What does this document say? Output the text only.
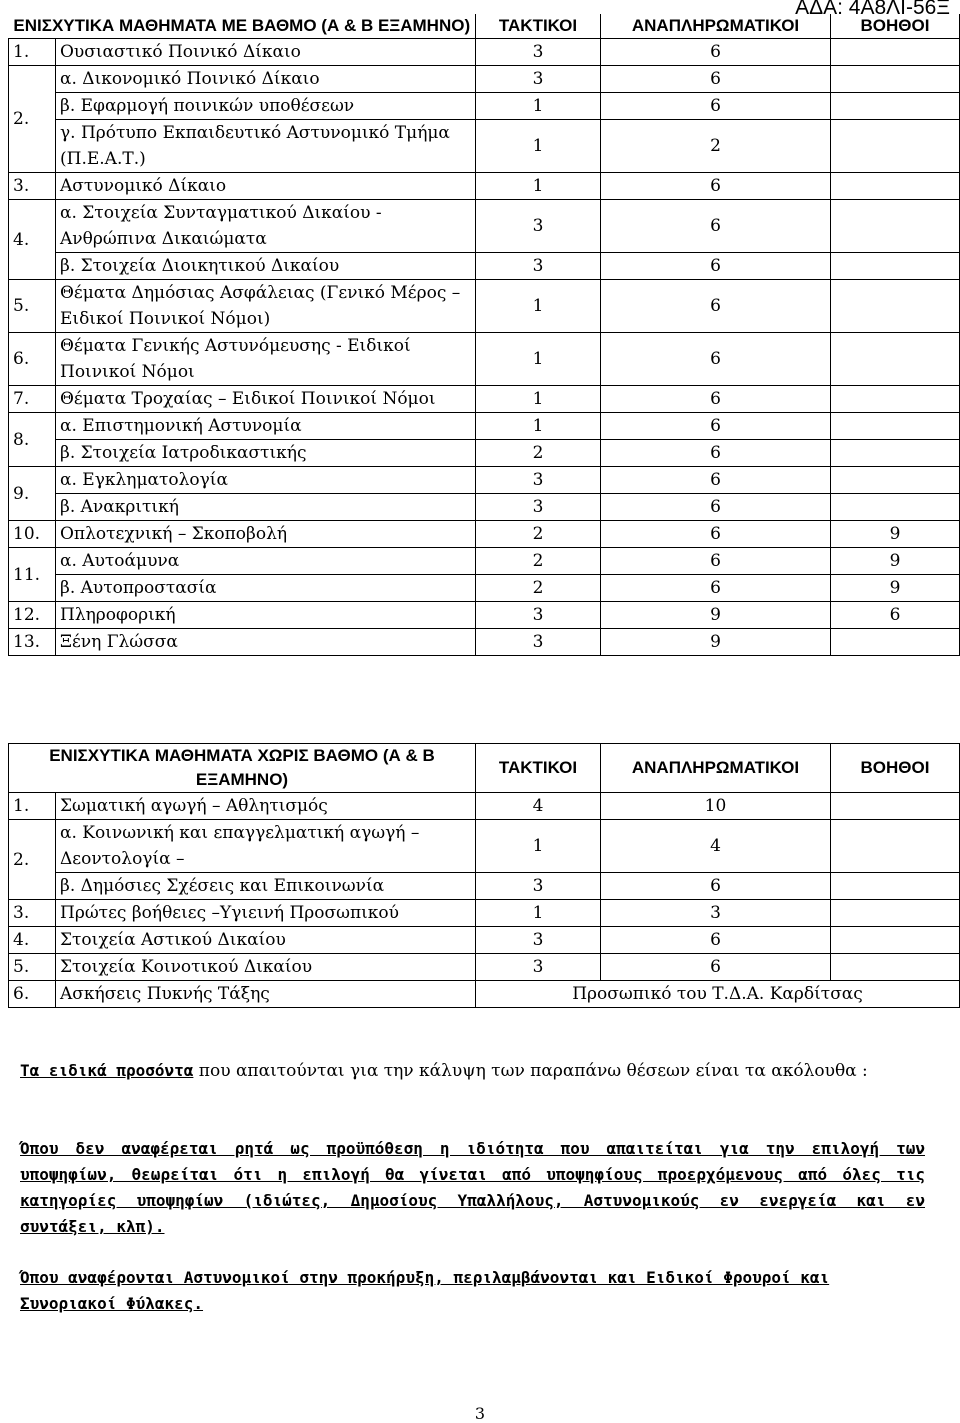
ΑΔΑ: 4Α8ΛΙ-56Ξ
ΕΝΙΣΧΥΤΙΚΑ ΜΑΘΗΜΑΤΑ ΜΕ ΒΑΘΜΟ (Α & Β ΕΞΑΜΗΝΟ)		ΤΑΚΤΙΚΟΙ	ΑΝΑΠΛΗΡΩΜΑΤΙΚΟΙ	ΒΟΗΘΟΙ
1.	Ουσιαστικό Ποινικό Δίκαιο	3	6	
2.	α. Δικονομικό Ποινικό Δίκαιο	3	6	
	β. Εφαρμογή ποινικών υποθέσεων	1	6	
	γ. Πρότυπο Εκπαιδευτικό Αστυνομικό Τμήμα (Π.Ε.Α.Τ.)	1	2	
3.	Αστυνομικό Δίκαιο	1	6	
4.	α. Στοιχεία Συνταγματικού Δικαίου - Ανθρώπινα Δικαιώματα	3	6	
	β. Στοιχεία Διοικητικού Δικαίου	3	6	
5.	Θέματα Δημόσιας Ασφάλειας (Γενικό Μέρος – Ειδικοί Ποινικοί Νόμοι)	1	6	
6.	Θέματα Γενικής Αστυνόμευσης - Ειδικοί Ποινικοί Νόμοι	1	6	
7.	Θέματα Τροχαίας – Ειδικοί Ποινικοί Νόμοι	1	6	
8.	α. Επιστημονική Αστυνομία	1	6	
	β. Στοιχεία Ιατροδικαστικής	2	6	
9.	α. Εγκληματολογία	3	6	
	β. Ανακριτική	3	6	
10.	Οπλοτεχνική – Σκοποβολή	2	6	9
11.	α. Αυτοάμυνα	2	6	9
	β. Αυτοπροστασία	2	6	9
12.	Πληροφορική	3	9	6
13.	Ξένη Γλώσσα	3	9	
ΕΝΙΣΧΥΤΙΚΑ ΜΑΘΗΜΑΤΑ ΧΩΡΙΣ ΒΑΘΜΟ (Α & Β ΕΞΑΜΗΝΟ)		ΤΑΚΤΙΚΟΙ	ΑΝΑΠΛΗΡΩΜΑΤΙΚΟΙ	ΒΟΗΘΟΙ
1.	Σωματική αγωγή – Αθλητισμός	4	10	
2.	α. Κοινωνική και επαγγελματική αγωγή – Δεοντολογία –	1	4	
	β. Δημόσιες Σχέσεις και Επικοινωνία	3	6	
3.	Πρώτες βοήθειες –Υγιεινή Προσωπικού	1	3	
4.	Στοιχεία Αστικού Δικαίου	3	6	
5.	Στοιχεία Κοινοτικού Δικαίου	3	6	
6.	Ασκήσεις Πυκνής Τάξης	Προσωπικό του Τ.Δ.Α. Καρδίτσας		
Τα ειδικά προσόντα που απαιτούνται για την κάλυψη των παραπάνω θέσεων είναι τα ακόλουθα :
Όπου δεν αναφέρεται ρητά ως προϋπόθεση η ιδιότητα που απαιτείται για την επιλογή των υποψηφίων, θεωρείται ότι η επιλογή θα γίνεται από υποψηφίους προερχόμενους από όλες τις κατηγορίες υποψηφίων (ιδιώτες, Δημοσίους Υπαλλήλους, Αστυνομικούς εν ενεργεία και εν συντάξει, κλπ).
Όπου αναφέρονται Αστυνομικοί στην προκήρυξη, περιλαμβάνονται και Ειδικοί Φρουροί και Συνοριακοί Φύλακες.
3
